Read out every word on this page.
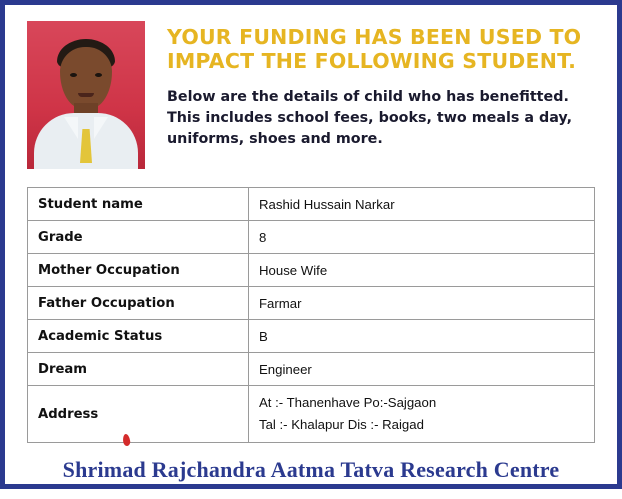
YOUR FUNDING HAS BEEN USED TO IMPACT THE FOLLOWING STUDENT.

Below are the details of child who has benefitted. This includes school fees, books, two meals a day, uniforms, shoes and more.

Student name	Rashid Hussain Narkar
Grade	8
Mother Occupation	House Wife
Father Occupation	Farmar
Academic Status	B
Dream	Engineer
Address	At :- Thanenhave Po:-Sajgaon
Tal :- Khalapur Dis :- Raigad
Shrimad Rajchandra Aatma Tatva Research Centre
